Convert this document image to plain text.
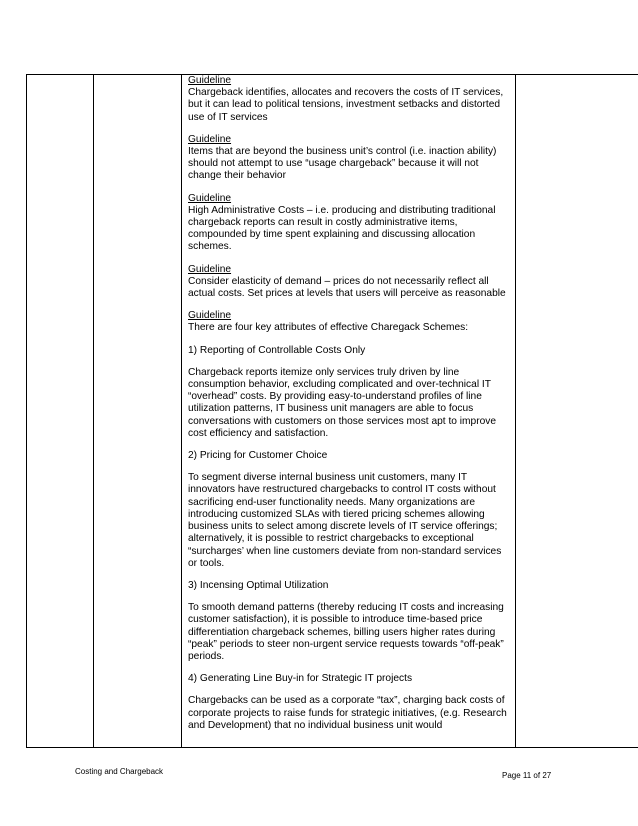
Guideline
Chargeback identifies, allocates and recovers the costs of IT services, but it can lead to political tensions, investment setbacks and distorted use of IT services

Guideline
Items that are beyond the business unit’s control (i.e. inaction ability) should not attempt to use “usage chargeback” because it will not change their behavior

Guideline
High Administrative Costs – i.e. producing and distributing traditional chargeback reports can result in costly administrative items, compounded by time spent explaining and discussing allocation schemes.

Guideline
Consider elasticity of demand – prices do not necessarily reflect all actual costs. Set prices at levels that users will perceive as reasonable

Guideline
There are four key attributes of effective Charegack Schemes:

1) Reporting of Controllable Costs Only

Chargeback reports itemize only services truly driven by line consumption behavior, excluding complicated and over-technical IT “overhead” costs. By providing easy-to-understand profiles of line utilization patterns, IT business unit managers are able to focus conversations with customers on those services most apt to improve cost efficiency and satisfaction.

2) Pricing for Customer Choice

To segment diverse internal business unit customers, many IT innovators have restructured chargebacks to control IT costs without sacrificing end-user functionality needs. Many organizations are introducing customized SLAs with tiered pricing schemes allowing business units to select among discrete levels of IT service offerings; alternatively, it is possible to restrict chargebacks to exceptional “surcharges’ when line customers deviate from non-standard services or tools.

3) Incensing Optimal Utilization

To smooth demand patterns (thereby reducing IT costs and increasing customer satisfaction), it is possible to introduce time-based price differentiation chargeback schemes, billing users higher rates during “peak” periods to steer non-urgent service requests towards “off-peak” periods.

4) Generating Line Buy-in for Strategic IT projects

Chargebacks can be used as a corporate “tax”, charging back costs of corporate projects to raise funds for strategic initiatives, (e.g. Research and Development) that no individual business unit would

Costing and Chargeback	Page 11 of 27
